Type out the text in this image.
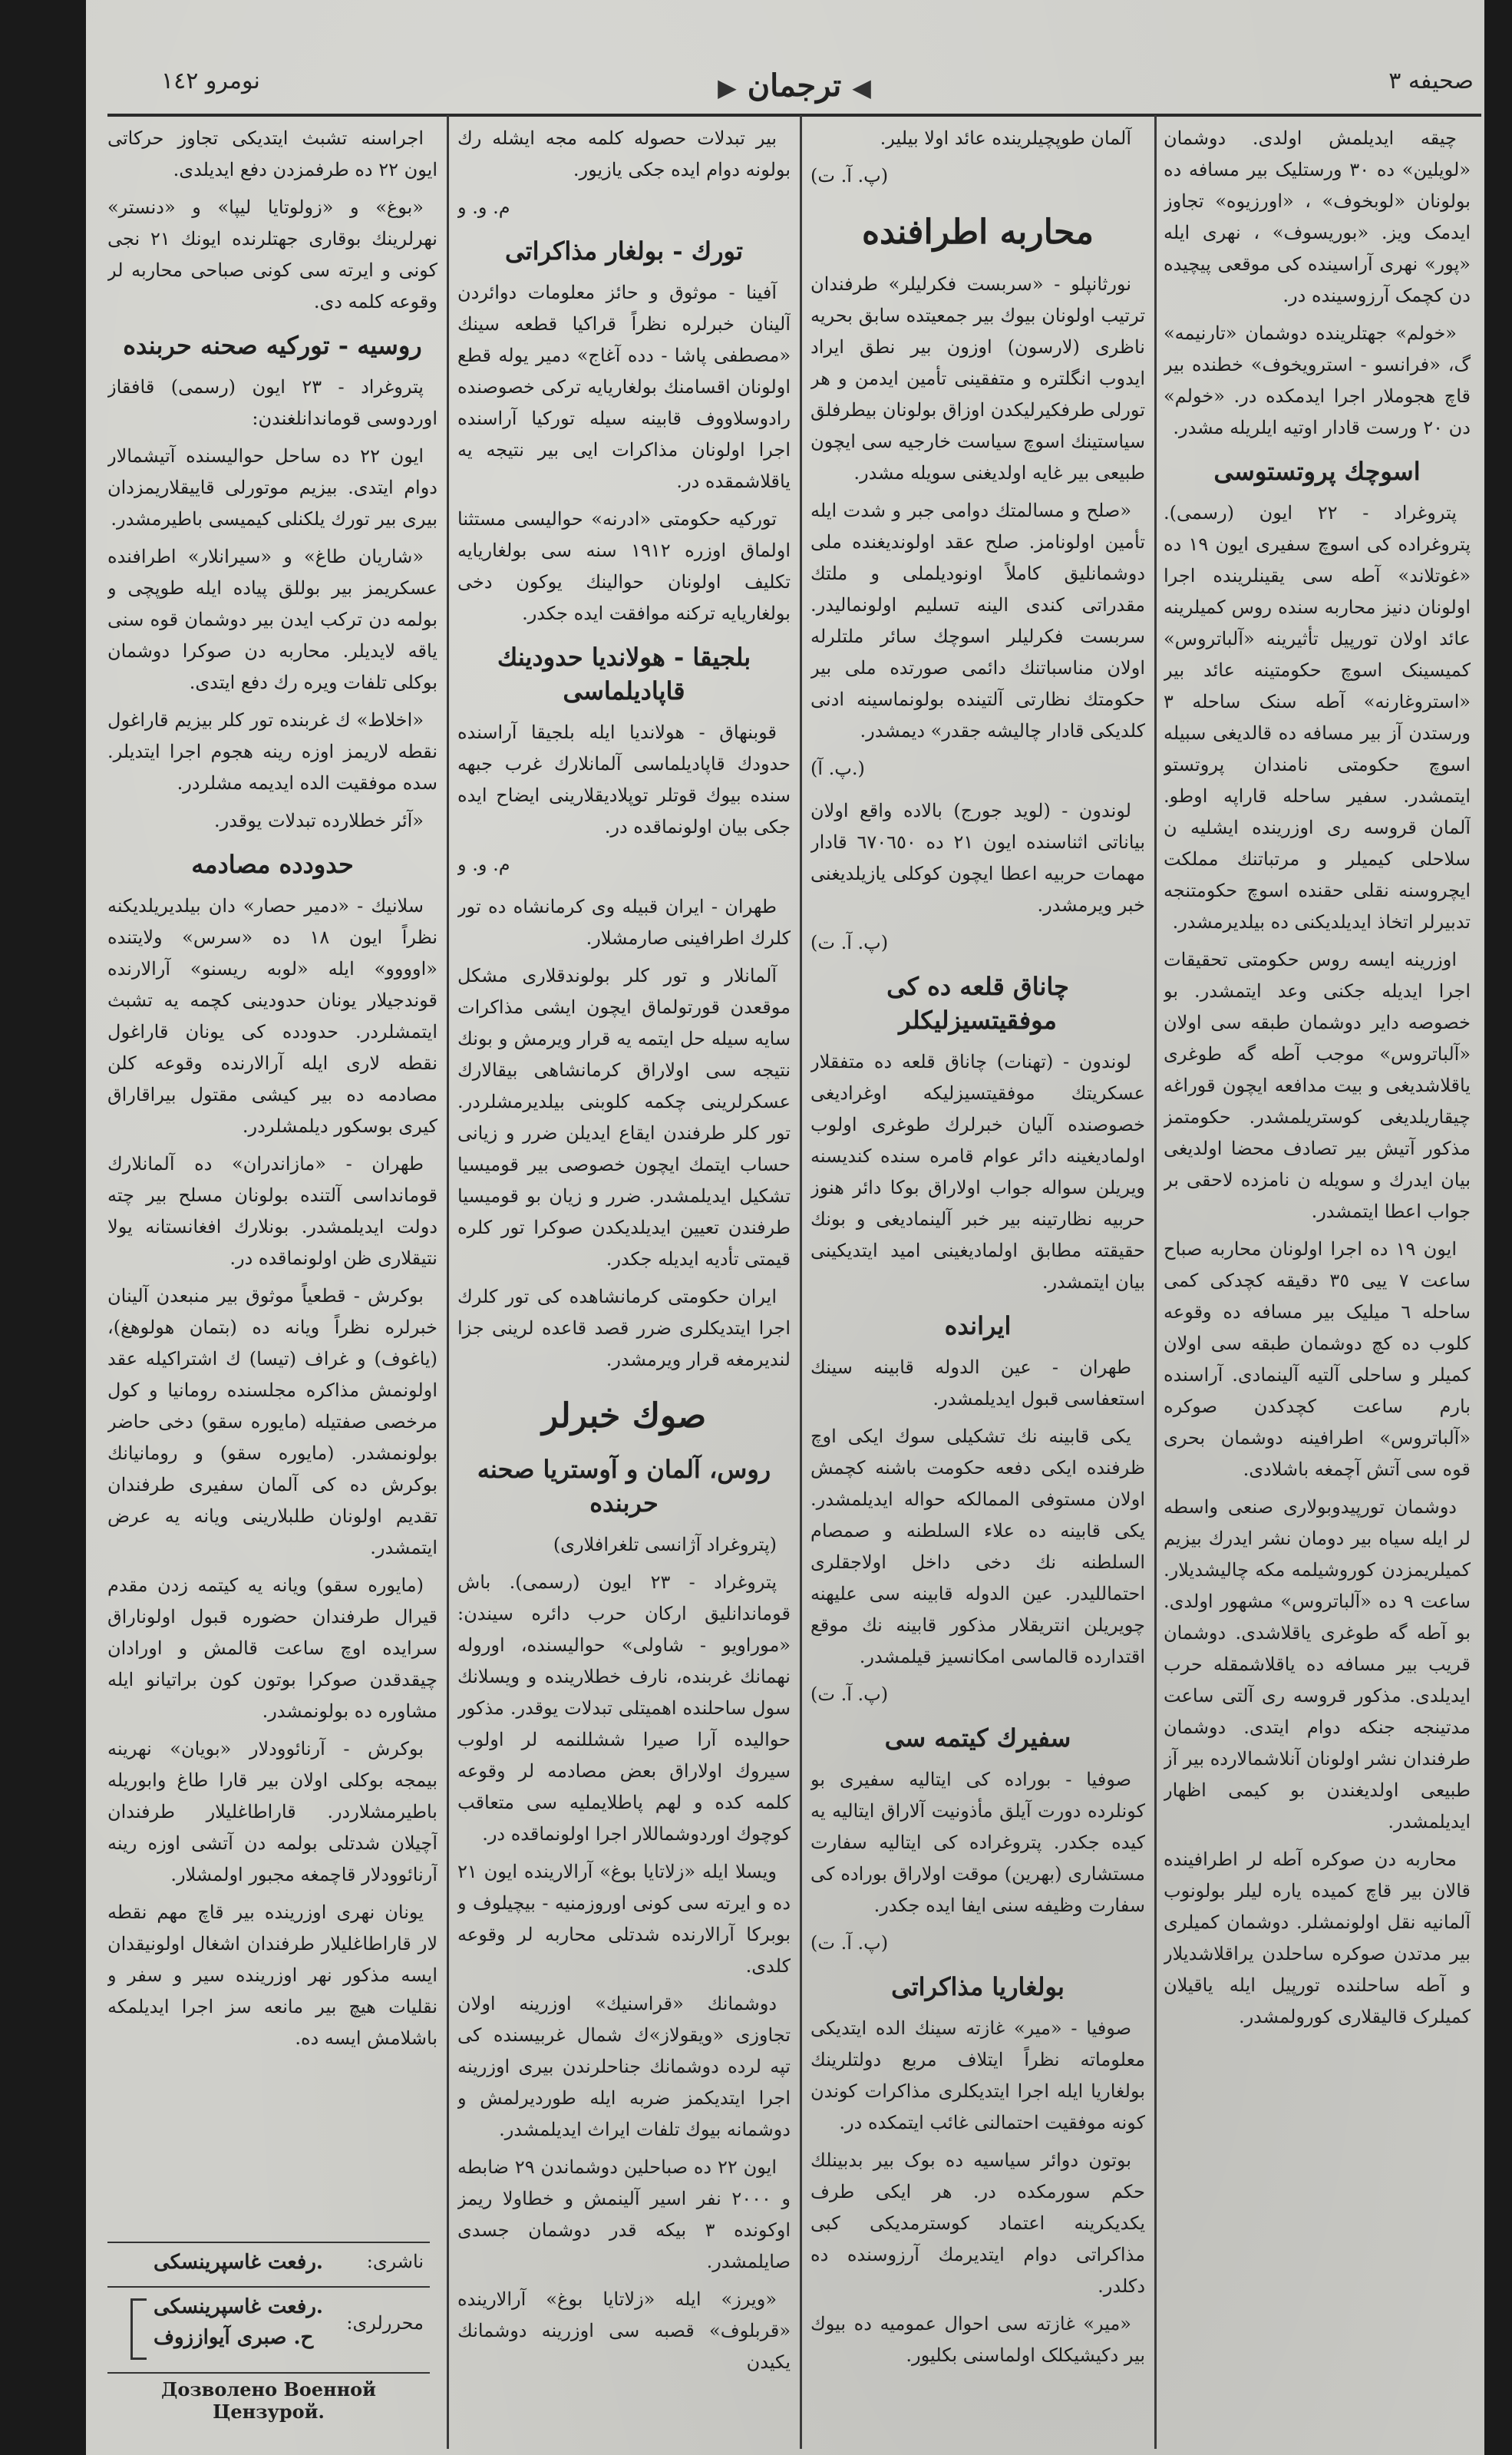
صحیفه ٣
◀ ترجمان ▶
نومرو ١٤٢

چیقه ایدیلمش اولدی. دوشمان «لویلین» ده ٣٠ ورستلیک بیر مسافه ده بولونان «لوبخوف» ، «اورزیوه» تجاوز ایدمک ویز. «بوریسوف» ، نهری ایله «پور» نهری آراسینده کی موقعی پیچیده دن کچمک آرزوسینده در.

«خولم» جهتلرینده دوشمان «تارنیمه» گ، «فرانسو - استرویخوف» خطنده بیر قاچ هجوملار اجرا ایدمکده در. «خولم» دن ٢٠ ورست قادار اوتیه ایلریله مشدر.

اسوچك پروتستوسی

پتروغراد - ٢٢ ایون (رسمی). پتروغراده کی اسوچ سفیری ایون ١٩ ده «غوتلاند» آطه سی یقینلرینده اجرا اولونان دنیز محاربه سنده روس کمیلرینه عائد اولان تورپیل تأثیرینه «آلباتروس» کمیسینک اسوچ حکومتینه عائد بیر «استروغارنه» آطه سنک ساحله ٣ ورستدن آز بیر مسافه ده قالدیغی سبیله اسوچ حکومتی نامندان پروتستو ایتمشدر. سفیر ساحله قاراپه اوطو. آلمان قروسه ری اوزرینده ایشلیه ن سلاحلی کیمیلر و مرتباتنك مملکت ایچروسنه نقلی حقنده اسوچ حکومتنجه تدبیرلر اتخاذ ایدیلدیکنی ده بیلدیرمشدر.

اوزرینه ایسه روس حکومتی تحقیقات اجرا ایدیله جکنی وعد ایتمشدر. بو خصوصه دایر دوشمان طبقه سی اولان «آلباتروس» موجب آطه گه طوغری یاقلاشدیغی و بیت مدافعه ایچون قوراغه چیقاریلدیغی کوستریلمشدر. حکومتمز مذکور آتیش بیر تصادف محضا اولدیغی بیان ایدرك و سویله ن نامزده لاحقی بر جواب اعطا ایتمشدر.

ایون ١٩ ده اجرا اولونان محاربه صباح ساعت ٧ ییی ٣٥ دقیقه کچدکی کمی ساحله ٦ میلیک بیر مسافه ده وقوعه کلوب ده کچ دوشمان طبقه سی اولان کمیلر و ساحلی آلتیه آلینمادی. آراسنده بارم ساعت کچدکدن صوکره «آلباتروس» اطرافینه دوشمان بحری قوه سی آتش آچمغه باشلادی.

دوشمان تورپیدوبولاری صنعی واسطه لر ایله سیاه بیر دومان نشر ایدرك بیزیم کمیلریمزدن کوروشیلمه مکه چالیشدیلار. ساعت ٩ ده «آلباتروس» مشهور اولدی. بو آطه گه طوغری یاقلاشدی. دوشمان قریب بیر مسافه ده یاقلاشمقله حرب ایدیلدی. مذکور قروسه ری آلتی ساعت مدتینجه جنکه دوام ایتدی. دوشمان طرفندان نشر اولونان آنلاشمالارده بیر آز طبیعی اولدیغندن بو کیمی اظهار ایدیلمشدر.

محاربه دن صوکره آطه لر اطرافینده قالان بیر قاچ کمیده یاره لیلر بولونوب آلمانیه نقل اولونمشلر. دوشمان کمیلری بیر مدتدن صوکره ساحلدن یراقلاشدیلار و آطه ساحلنده تورپیل ایله یاقیلان کمیلرک قالیقلاری کورولمشدر.

آلمان طوپچیلرینده عائد اولا بیلیر.

(پ. آ. ت)
محاربه اطرافنده

نورثانپلو - «سربست فکرلیلر» طرفندان ترتیب اولونان بیوك بیر جمعیتده سابق بحریه ناظری (لارسون) اوزون بیر نطق ایراد ایدوب انگلتره و متفقینی تأمین ایدمن و هر تورلی طرفکیرلیکدن اوزاق بولونان بیطرفلق سیاستینك اسوچ سیاست خارجیه سی ایچون طبیعی بیر غایه اولدیغنی سویله مشدر.

«صلح و مسالمتك دوامی جبر و شدت ایله تأمین اولونامز. صلح عقد اولوندیغنده ملی دوشمانلیق کاملاً اونودیلملی و ملتك مقدراتی کندی الینه تسلیم اولونمالیدر. سربست فکرلیلر اسوچك سائر ملتلرله اولان مناسباتنك دائمی صورتده ملی بیر حکومتك نظارتی آلتینده بولونماسینه ادنی کلدیکی قادار چالیشه جقدر» دیمشدر.

(پ. آ.)

لوندون - (لوید جورج) بالاده واقع اولان بیاناتی اثناسنده ایون ٢١ ده ٦٧٠٦٥٠ قادار مهمات حربیه اعطا ایچون کوکلی یازیلدیغنی خبر ویرمشدر.

(پ. آ. ت)
چاناق قلعه ده کی موفقیتسیزلیکلر

لوندون - (تهنات) چاناق قلعه ده متفقلار عسکریتك موفقیتسیزلیکه اوغرادیغی خصوصنده آلیان خبرلرك طوغری اولوب اولمادیغینه دائر عوام قامره سنده کندیسنه ویریلن سواله جواب اولاراق بوکا دائر هنوز حربیه نظارتینه بیر خبر آلینمادیغی و بونك حقیقته مطابق اولمادیغینی امید ایتدیکینی بیان ایتمشدر.

ایرانده

طهران - عین الدوله قابینه سینك استعفاسی قبول ایدیلمشدر.

یکی قابینه نك تشکیلی سوك ایکی اوچ ظرفنده ایکی دفعه حکومت باشنه کچمش اولان مستوفی الممالکه حواله ایدیلمشدر. یکی قابینه ده علاء السلطنه و صمصام السلطنه نك دخی داخل اولاجقلری احتماللیدر. عین الدوله قابینه سی علیهنه چویریلن انتریقلار مذکور قابینه نك موقع اقتدارده قالماسی امکانسیز قیلمشدر.

(پ. آ. ت)
سفیرك کیتمه سی

صوفیا - بوراده کی ایتالیه سفیری بو کونلرده دورت آیلق مأذونیت آلاراق ایتالیه یه کیده جکدر. پتروغراده کی ایتالیه سفارت مستشاری (بهرین) موقت اولاراق بوراده کی سفارت وظیفه سنی ایفا ایده جکدر.

(پ. آ. ت)
بولغاریا مذاکراتی

صوفیا - «میر» غازته سینك الده ایتدیکی معلوماته نظراً ایتلاف مربع دولتلرینك بولغاریا ایله اجرا ایتدیکلری مذاکرات کوندن کونه موفقیت احتمالنی غائب ایتمکده در.

بوتون دوائر سیاسیه ده بوک بیر بدبینلك حکم سورمکده در. هر ایکی طرف یکدیکرینه اعتماد کوسترمدیکی کبی مذاکراتی دوام ایتدیرمك آرزوسنده ده دکلدر.

«میر» غازته سی احوال عمومیه ده بیوك بیر دکیشیکلک اولماسنی بکلیور.

بیر تبدلات حصوله کلمه مجه ایشله رك بولونه دوام ایده جکی یازیور.

م. و. و
تورك - بولغار مذاکراتی

آفینا - موثوق و حائز معلومات دوائردن آلینان خبرلره نظراً قراکیا قطعه سینك «مصطفی پاشا - دده آغاج» دمیر یوله قطع اولونان اقسامنك بولغاریایه ترکی خصوصنده رادوسلاووف قابینه سیله تورکیا آراسنده اجرا اولونان مذاکرات ایی بیر نتیجه یه یاقلاشمقده در.

تورکیه حکومتی «ادرنه» حوالیسی مستثنا اولماق اوزره ١٩١٢ سنه سی بولغاریایه تکلیف اولونان حوالینك یوکون دخی بولغاریایه ترکنه موافقت ایده جکدر.

بلجیقا - هولاندیا حدودینك قاپادیلماسی

قوبنهاق - هولاندیا ایله بلجیقا آراسنده حدودك قاپادیلماسی آلمانلارك غرب جبهه سنده بیوك قوتلر توپلادیقلارینی ایضاح ایده جکی بیان اولونماقده در.

م. و. و

طهران - ایران قبیله وی کرمانشاه ده تور کلرك اطرافینی صارمشلار.

آلمانلار و تور کلر بولوندقلاری مشکل موقعدن قورتولماق ایچون ایشی مذاکرات سایه سیله حل ایتمه یه قرار ویرمش و بونك نتیجه سی اولاراق کرمانشاهی بیقالارك عسکرلرینی چکمه کلوبنی بیلدیرمشلردر. تور کلر طرفندن ایقاع ایدیلن ضرر و زیانی حساب ایتمك ایچون خصوصی بیر قومیسیا تشکیل ایدیلمشدر. ضرر و زیان بو قومیسیا طرفندن تعیین ایدیلدیکدن صوکرا تور کلره قیمتی تأدیه ایدیله جکدر.

ایران حکومتی کرمانشاهده کی تور کلرك اجرا ایتدیکلری ضرر قصد قاعده لرینی جزا لندیرمغه قرار ویرمشدر.

صوك خبرلر
روس، آلمان و آوستریا صحنه حربنده

(پتروغراد آژانسی تلغرافلاری)

پتروغراد - ٢٣ ایون (رسمی). باش قوماندانلیق ارکان حرب دائره سیندن: «موراویو - شاولی» حوالیسنده، اوروله نهمانك غربنده، نارف خطلارینده و ویسلانك سول ساحلنده اهمیتلی تبدلات یوقدر. مذکور حوالیده آرا صیرا ششللنمه لر اولوب سیروك اولاراق بعض مصادمه لر وقوعه کلمه کده و لهم پاطلایملیه سی متعاقب کوچوك اوردوشماللار اجرا اولونماقده در.

ویسلا ایله «زلاتایا بوغ» آرالارینده ایون ٢١ ده و ایرته سی کونی اوروزمنیه - بیچیلوف و بوبرکا آرالارنده شدتلی محاربه لر وقوعه کلدی.

دوشمانك «قراسنیك» اوزرینه اولان تجاوزی «ویقولاز»ك شمال غربیسنده کی تپه لرده دوشمانك جناحلرندن بیری اوزرینه اجرا ایتدیکمز ضربه ایله طوردیرلمش و دوشمانه بیوك تلفات ایراث ایدیلمشدر.

ایون ٢٢ ده صباحلین دوشماندن ٢٩ ضابطه و ٢٠٠٠ نفر اسیر آلینمش و خطاولا ریمز اوکونده ٣ بیکه قدر دوشمان جسدی صایلمشدر.

«ویرز» ایله «زلاتایا بوغ» آرالارینده «قربلوف» قصبه سی اوزرینه دوشمانك یکیدن

اجراسنه تشبث ایتدیکی تجاوز حرکاتی ایون ٢٢ ده طرفمزدن دفع ایدیلدی.

«بوغ» و «زولوتایا لیپا» و «دنستر» نهرلرینك بوقاری جهتلرنده ایونك ٢١ نجی کونی و ایرته سی کونی صباحی محاربه لر وقوعه کلمه دی.

روسیه - تورکیه صحنه حربنده

پتروغراد - ٢٣ ایون (رسمی) قافقاز اوردوسی قوماندانلغندن:

ایون ٢٢ ده ساحل حوالیسنده آتیشمالار دوام ایتدی. بیزیم موتورلی قاییقلاریمزدان بیری بیر تورك یلکنلی کیمیسی باطیرمشدر.

«شاریان طاغ» و «سیرانلار» اطرافنده عسکریمز بیر بوللق پیاده ایله طوپچی و بولمه دن ترکب ایدن بیر دوشمان قوه سنی یاقه لایدیلر. محاربه دن صوکرا دوشمان بوکلی تلفات ویره رك دفع ایتدی.

«اخلاط» ك غربنده تور کلر بیزیم قاراغول نقطه لاریمز اوزه رینه هجوم اجرا ایتدیلر. سده موفقیت الده ایدیمه مشلردر.

«آئر خطلارده تبدلات یوقدر.

حدودده مصادمه

سلانیك - «دمیر حصار» دان بیلدیریلدیکنه نظراً ایون ١٨ ده «سرس» ولایتنده «اوووو» ایله «لوبه ریسنو» آرالارنده قوندجیلار یونان حدودینی کچمه یه تشبث ایتمشلردر. حدودده کی یونان قاراغول نقطه لاری ایله آرالارنده وقوعه کلن مصادمه ده بیر کیشی مقتول بیراقاراق کیری بوسکور دیلمشلردر.

طهران - «مازاندران» ده آلمانلارك قومانداسی آلتنده بولونان مسلح بیر چته دولت ایدیلمشدر. بونلارك افغانستانه یولا نتیقلاری ظن اولونماقده در.

بوکرش - قطعیاً موثوق بیر منبعدن آلینان خبرلره نظراً ویانه ده (بتمان هولوهغ)، (یاغوف) و غراف (تیسا) ك اشتراکیله عقد اولونمش مذاکره مجلسنده رومانیا و کول مرخصی صفتیله (مایوره سقو) دخی حاضر بولونمشدر. (مایوره سقو) و رومانیانك بوکرش ده کی آلمان سفیری طرفندان تقدیم اولونان طلبلارینی ویانه یه عرض ایتمشدر.

(مایوره سقو) ویانه یه کیتمه زدن مقدم قیرال طرفندان حضوره قبول اولوناراق سرایده اوچ ساعت قالمش و اورادان چیقدقدن صوکرا بوتون کون براتیانو ایله مشاوره ده بولونمشدر.

بوکرش - آرنائوودلار «بویان» نهرینه بیمجه بوکلی اولان بیر قارا طاغ وابوریله باطیرمشلاردر. قاراطاغلیلار طرفندان آچیلان شدتلی بولمه دن آتشی اوزه رینه آرنائوودلار قاچمغه مجبور اولمشلار.

یونان نهری اوزرینده بیر قاچ مهم نقطه لار قاراطاغلیلار طرفندان اشغال اولونیقدان ایسه مذکور نهر اوزرینده سیر و سفر و نقلیات هیچ بیر مانعه سز اجرا ایدیلمکه باشلامش ایسه ده.

ناشری:
رفعت غاسپرینسکی.
محررلری:
رفعت غاسپرینسکی.
ح. صبری آیواززوف
Дозволено Военной Цензурой.
